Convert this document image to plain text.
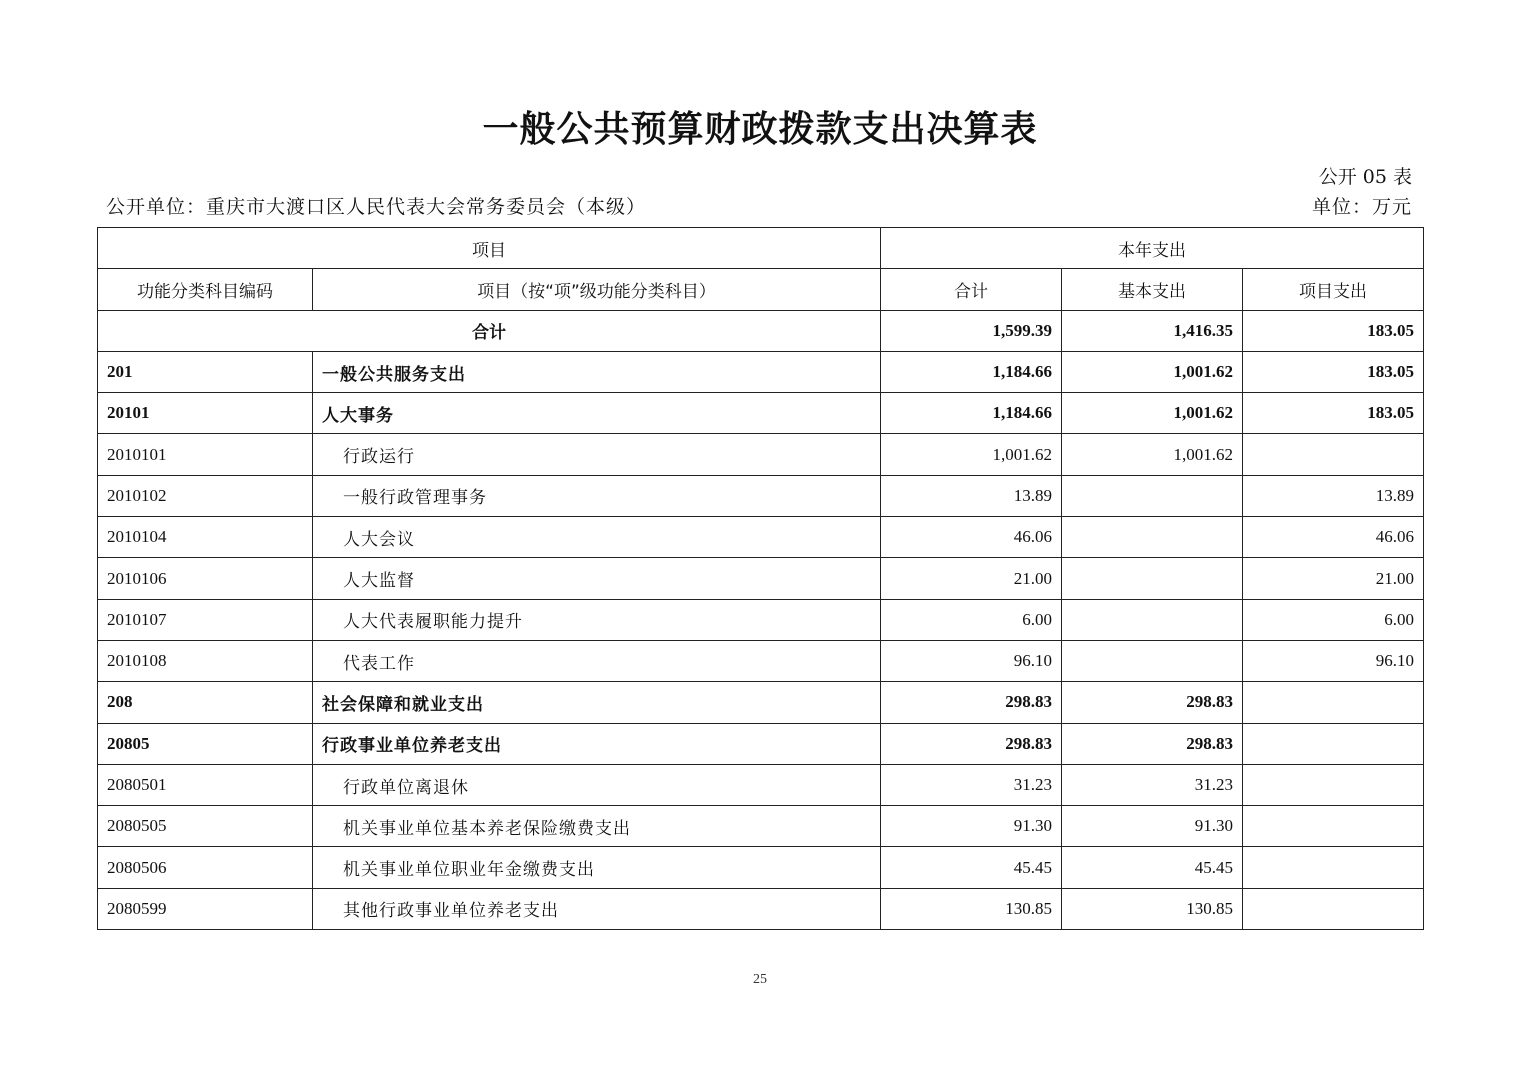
一般公共预算财政拨款支出决算表
公开 05 表
公开单位：重庆市大渡口区人民代表大会常务委员会（本级）	单位：万元
项目		本年支出		
功能分类科目编码	项目（按“项”级功能分类科目）	合计	基本支出	项目支出
合计		1,599.39	1,416.35	183.05
201	一般公共服务支出	1,184.66	1,001.62	183.05
20101	人大事务	1,184.66	1,001.62	183.05
2010101	行政运行	1,001.62	1,001.62	
2010102	一般行政管理事务	13.89		13.89
2010104	人大会议	46.06		46.06
2010106	人大监督	21.00		21.00
2010107	人大代表履职能力提升	6.00		6.00
2010108	代表工作	96.10		96.10
208	社会保障和就业支出	298.83	298.83	
20805	行政事业单位养老支出	298.83	298.83	
2080501	行政单位离退休	31.23	31.23	
2080505	机关事业单位基本养老保险缴费支出	91.30	91.30	
2080506	机关事业单位职业年金缴费支出	45.45	45.45	
2080599	其他行政事业单位养老支出	130.85	130.85	
25
